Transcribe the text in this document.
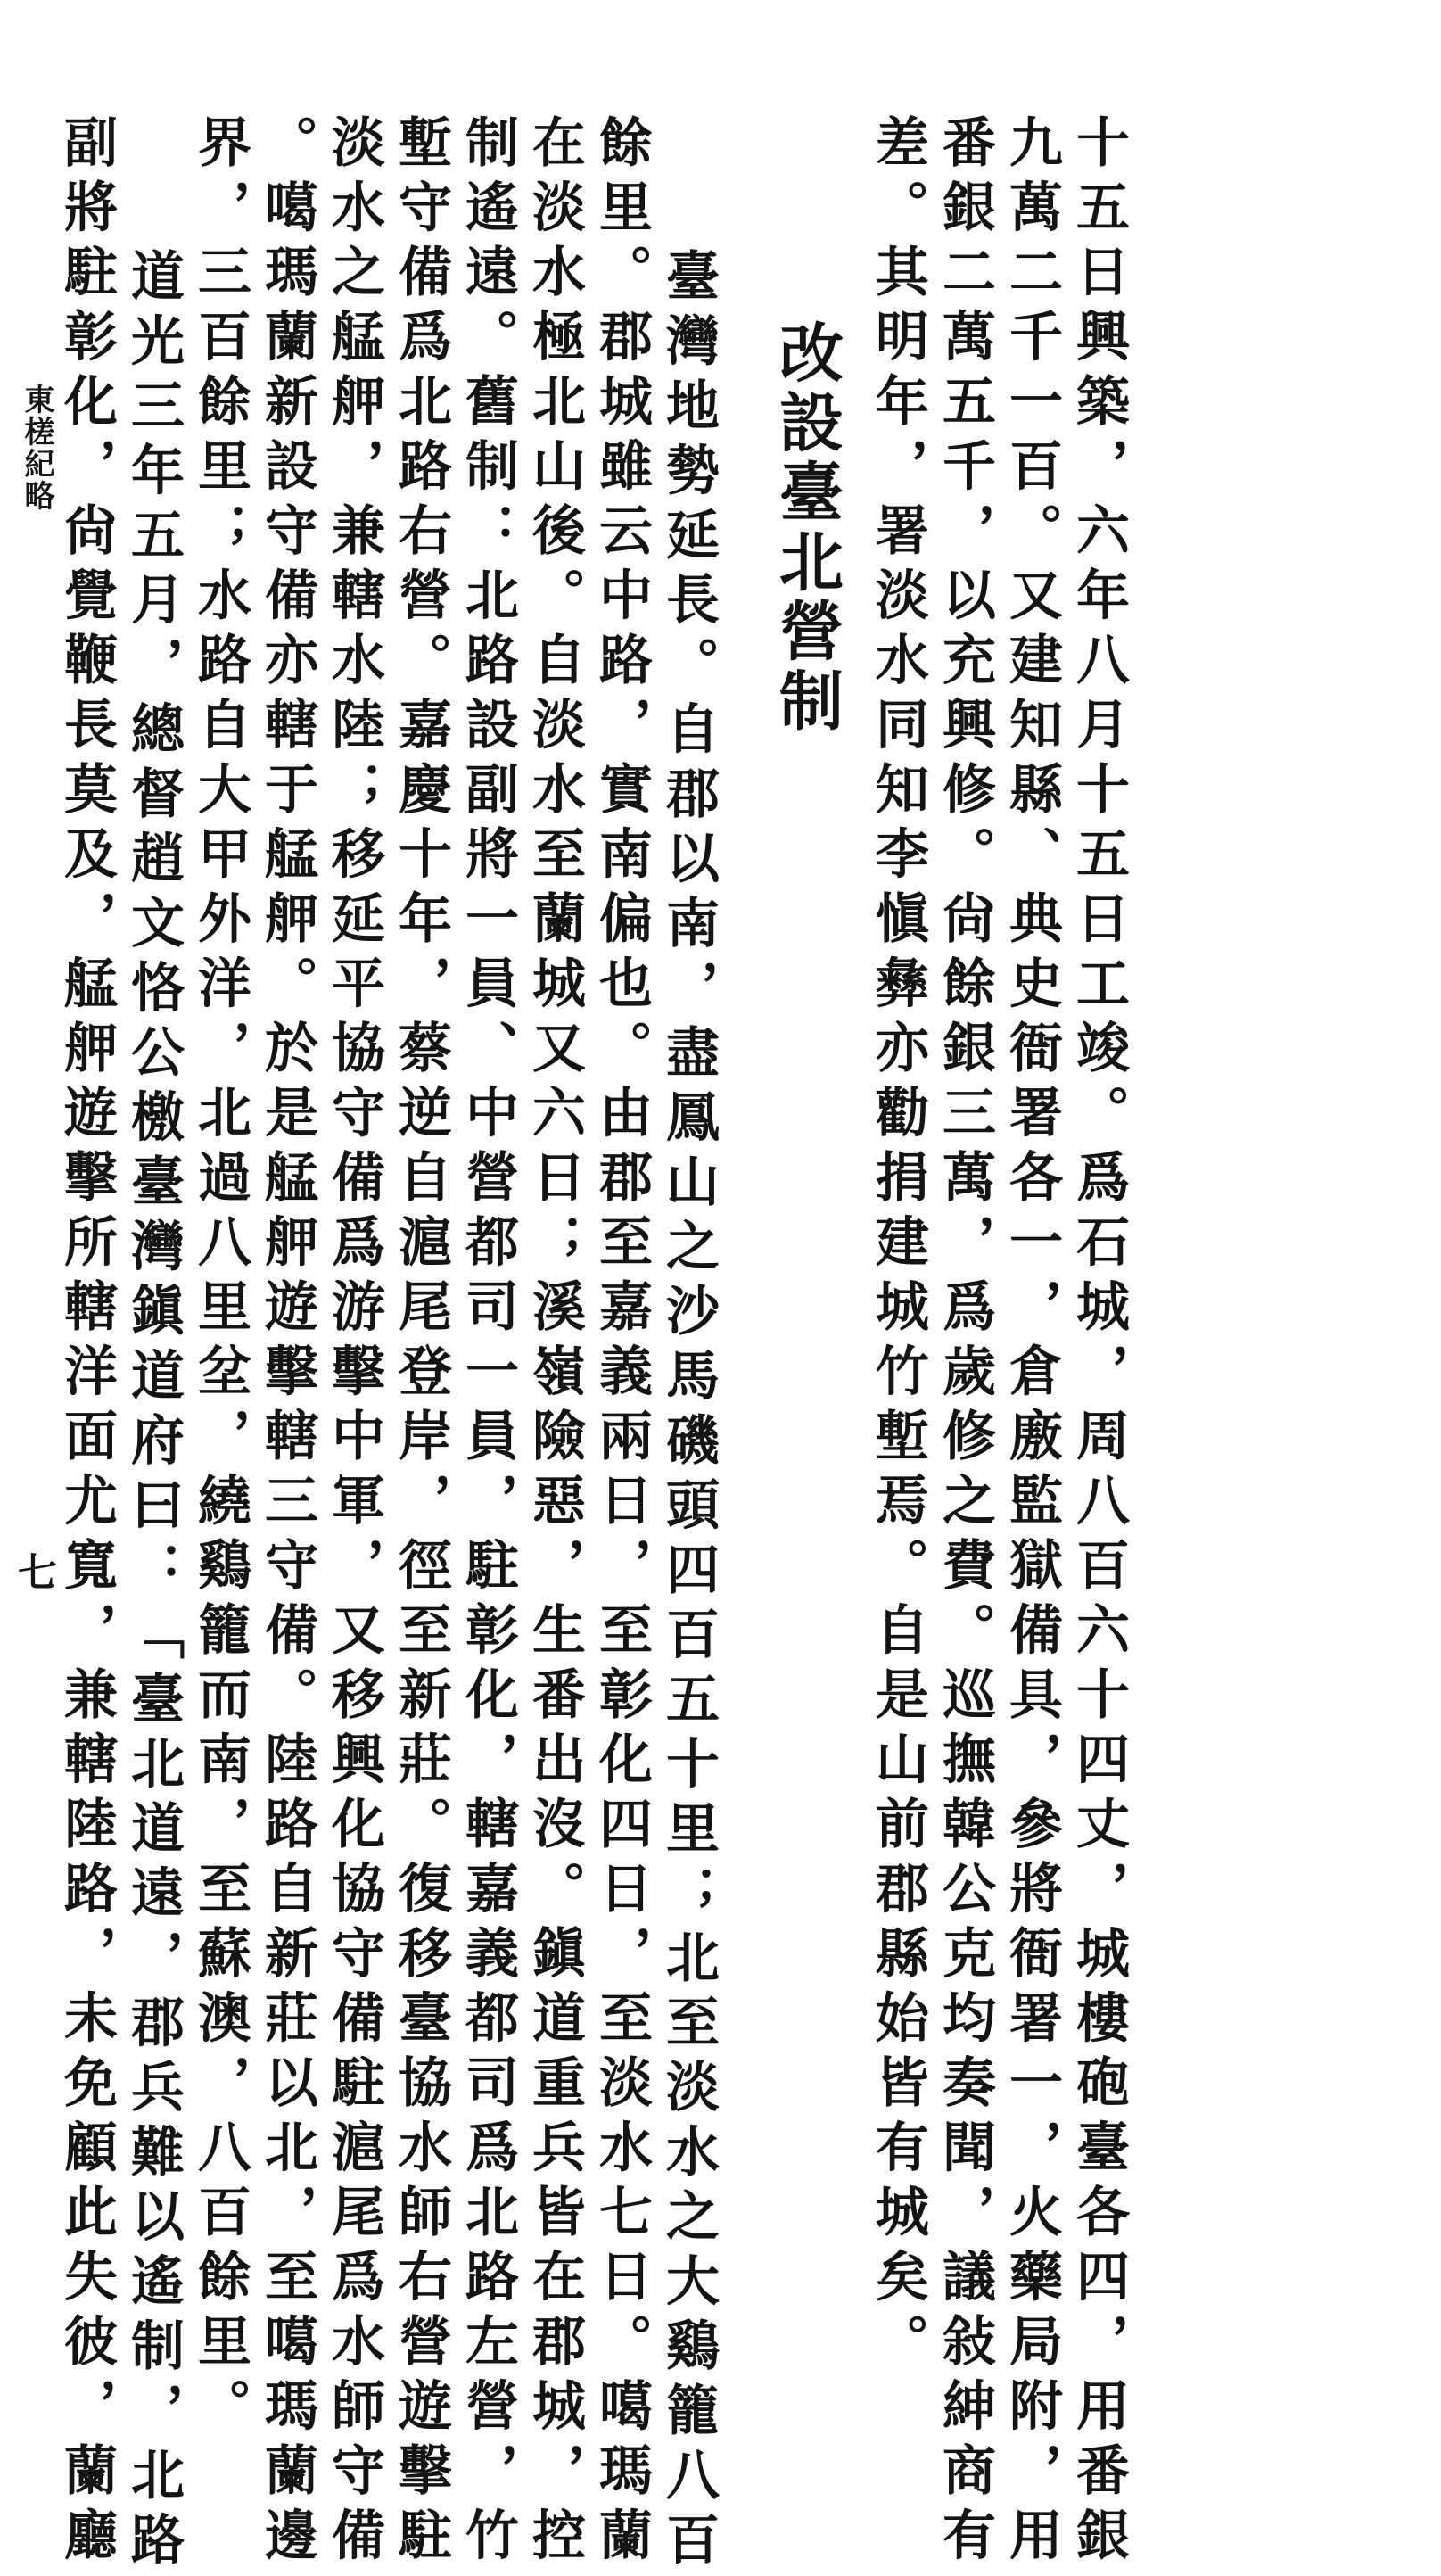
十五日興築，六年八月十五日工竣。爲石城，周八百六十四丈，城樓砲臺各四，用番銀
九萬二千一百。又建知縣、典史衙署各一，倉廒監獄備具，參將衙署一，火藥局附，用
番銀二萬五千，以充興修。尙餘銀三萬，爲歲修之費。巡撫韓公克均奏聞，議敍紳商有
差。其明年，署淡水同知李愼彝亦勸捐建城竹塹焉。自是山前郡縣始皆有城矣。
改設臺北營制
臺灣地勢延長。自郡以南，盡鳳山之沙馬磯頭四百五十里；北至淡水之大鷄籠八百
餘里。郡城雖云中路，實南偏也。由郡至嘉義兩日，至彰化四日，至淡水七日。噶瑪蘭
在淡水極北山後。自淡水至蘭城又六日；溪嶺險惡，生番出沒。鎭道重兵皆在郡城，控
制遙遠。舊制：北路設副將一員、中營都司一員，駐彰化，轄嘉義都司爲北路左營，竹
塹守備爲北路右營。嘉慶十年，蔡逆自滬尾登岸，徑至新莊。復移臺協水師右營遊擊駐
淡水之艋舺，兼轄水陸；移延平協守備爲游擊中軍，又移興化協守備駐滬尾爲水師守備
。噶瑪蘭新設守備亦轄于艋舺。於是艋舺遊擊轄三守備。陸路自新莊以北，至噶瑪蘭邊
界，三百餘里；水路自大甲外洋，北過八里坌，繞鷄籠而南，至蘇澳，八百餘里。
道光三年五月，總督趙文恪公檄臺灣鎭道府曰：「臺北道遠，郡兵難以遙制，北路
副將駐彰化，尙覺鞭長莫及，艋舺遊擊所轄洋面尤寬，兼轄陸路，未免顧此失彼，蘭廳
東槎紀略
七
